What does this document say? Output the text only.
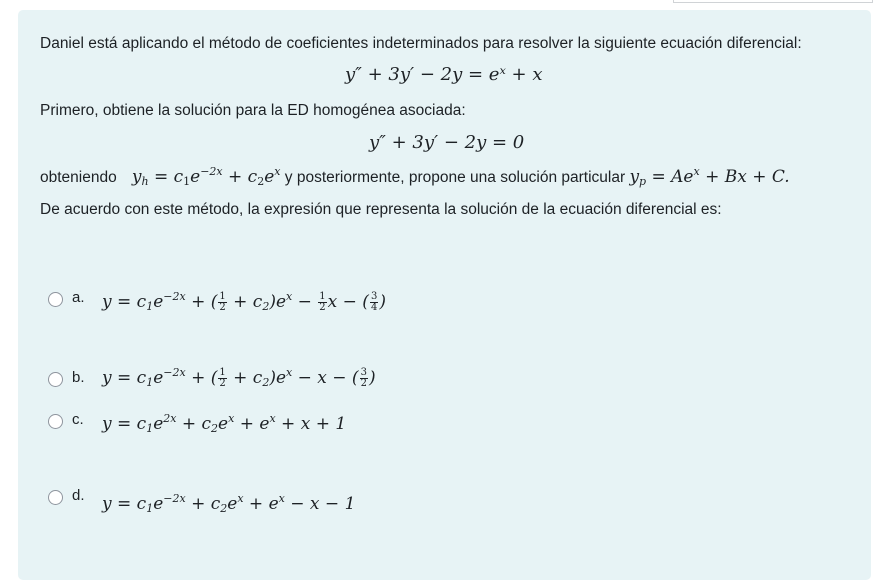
Daniel está aplicando el método de coeficientes indeterminados para resolver la siguiente ecuación diferencial:
y″ + 3y′ − 2y = eˣ + x
Primero, obtiene la solución para la ED homogénea asociada:
y″ + 3y′ − 2y = 0
obteniendo   $y_h = c_1e^{-2x} + c_2e^x$ y posteriormente, propone una solución particular $y_p = Ae^x + Bx + C$.
De acuerdo con este método, la expresión que representa la solución de la ecuación diferencial es:
a. $y = c_1e^{-2x}$ + ( $\frac{1}{2} + c_2)e^x - \frac{1}{2}$ x − ( $\frac{3}{4}$ )
b. $y = c_1e^{-2x}$ + ( $\frac{1}{2} + c_2)e^x - x$ − ( $\frac{3}{2}$ )
c. $y = c_1e^{2x} + c_2e^x + e^x + x + 1$
d. $y = c_1e^{-2x} + c_2e^x + e^x - x - 1$
